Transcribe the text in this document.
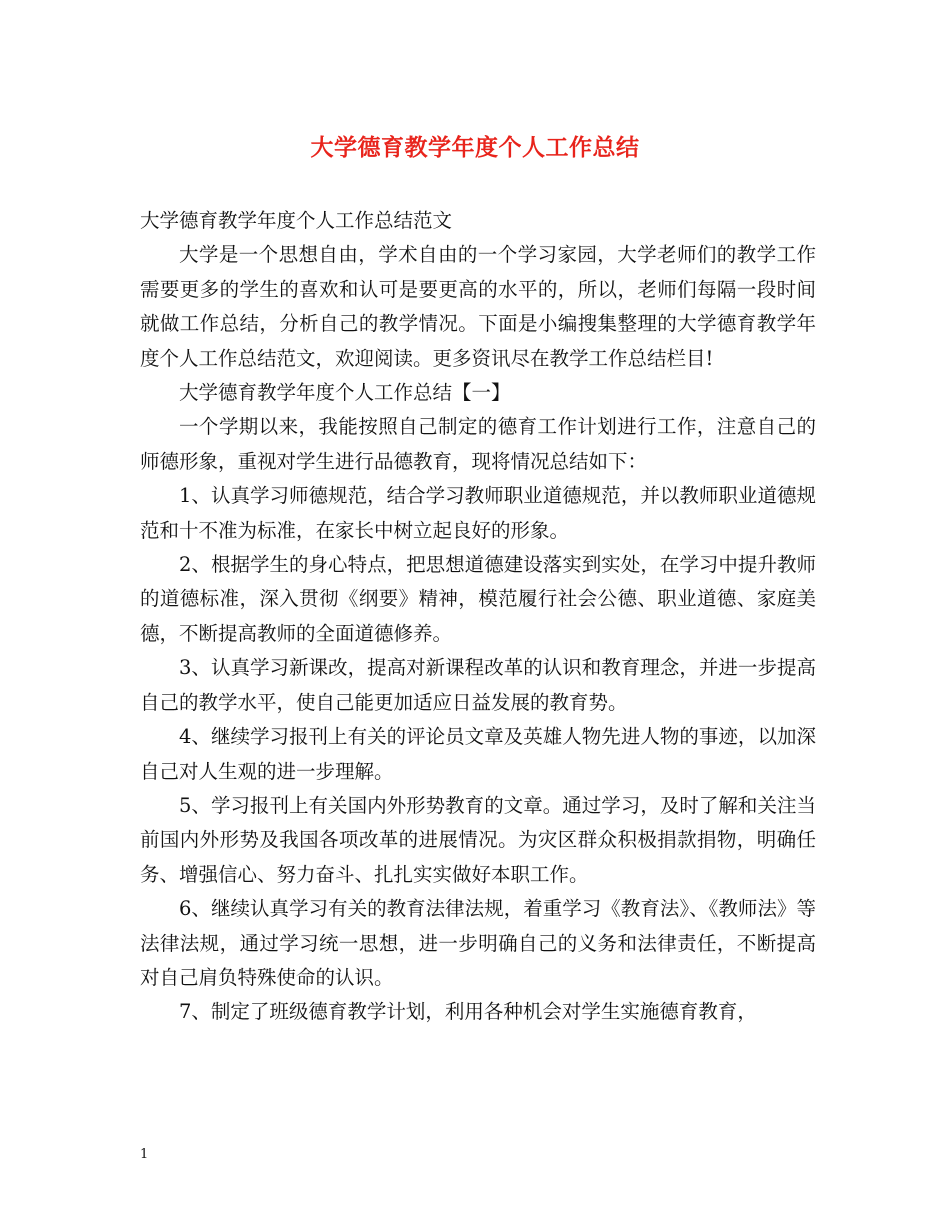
大学德育教学年度个人工作总结

大学德育教学年度个人工作总结范文

大学是一个思想自由，学术自由的一个学习家园，大学老师们的教学工作需要更多的学生的喜欢和认可是要更高的水平的，所以，老师们每隔一段时间就做工作总结，分析自己的教学情况。下面是小编搜集整理的大学德育教学年度个人工作总结范文，欢迎阅读。更多资讯尽在教学工作总结栏目!

大学德育教学年度个人工作总结【一】

一个学期以来，我能按照自己制定的德育工作计划进行工作，注意自己的师德形象，重视对学生进行品德教育，现将情况总结如下：

1、认真学习师德规范，结合学习教师职业道德规范，并以教师职业道德规范和十不准为标准，在家长中树立起良好的形象。

2、根据学生的身心特点，把思想道德建设落实到实处，在学习中提升教师的道德标准，深入贯彻《纲要》精神，模范履行社会公德、职业道德、家庭美德，不断提高教师的全面道德修养。

3、认真学习新课改，提高对新课程改革的认识和教育理念，并进一步提高自己的教学水平，使自己能更加适应日益发展的教育势。

4、继续学习报刊上有关的评论员文章及英雄人物先进人物的事迹，以加深自己对人生观的进一步理解。

5、学习报刊上有关国内外形势教育的文章。通过学习，及时了解和关注当前国内外形势及我国各项改革的进展情况。为灾区群众积极捐款捐物，明确任务、增强信心、努力奋斗、扎扎实实做好本职工作。

6、继续认真学习有关的教育法律法规，着重学习《教育法》、《教师法》等法律法规，通过学习统一思想，进一步明确自己的义务和法律责任，不断提高对自己肩负特殊使命的认识。

7、制定了班级德育教学计划，利用各种机会对学生实施德育教育，

1
